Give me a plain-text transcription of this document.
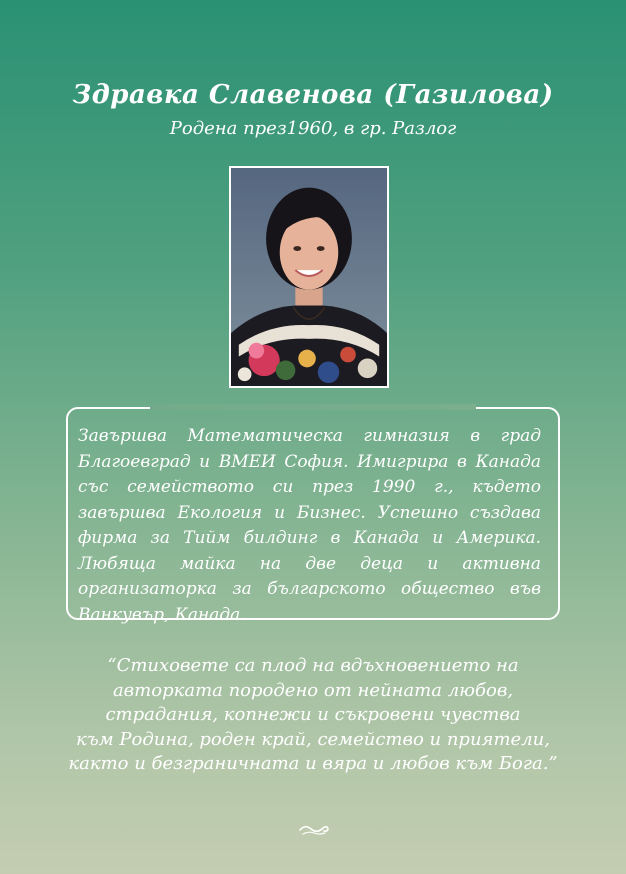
Здравка Славенова (Газилова)

Родена през1960, в гр. Разлог

Завършва Математическа гимназия в град Благоевград и ВМЕИ София. Имигрира в Канада със семейството си през 1990 г., където завършва Екология и Бизнес. Успешно създава фирма за Тийм билдинг в Канада и Америка. Любяща майка на две деца и активна организаторка за българското общество във Ванкувър, Канада.

“Стиховете са плод на вдъхновението на
авторката породено от нейната любов,
страдания, копнежи и съкровени чувства
към Родина, роден край, семейство и приятели,
както и безграничната и вяра и любов към Бога.”
